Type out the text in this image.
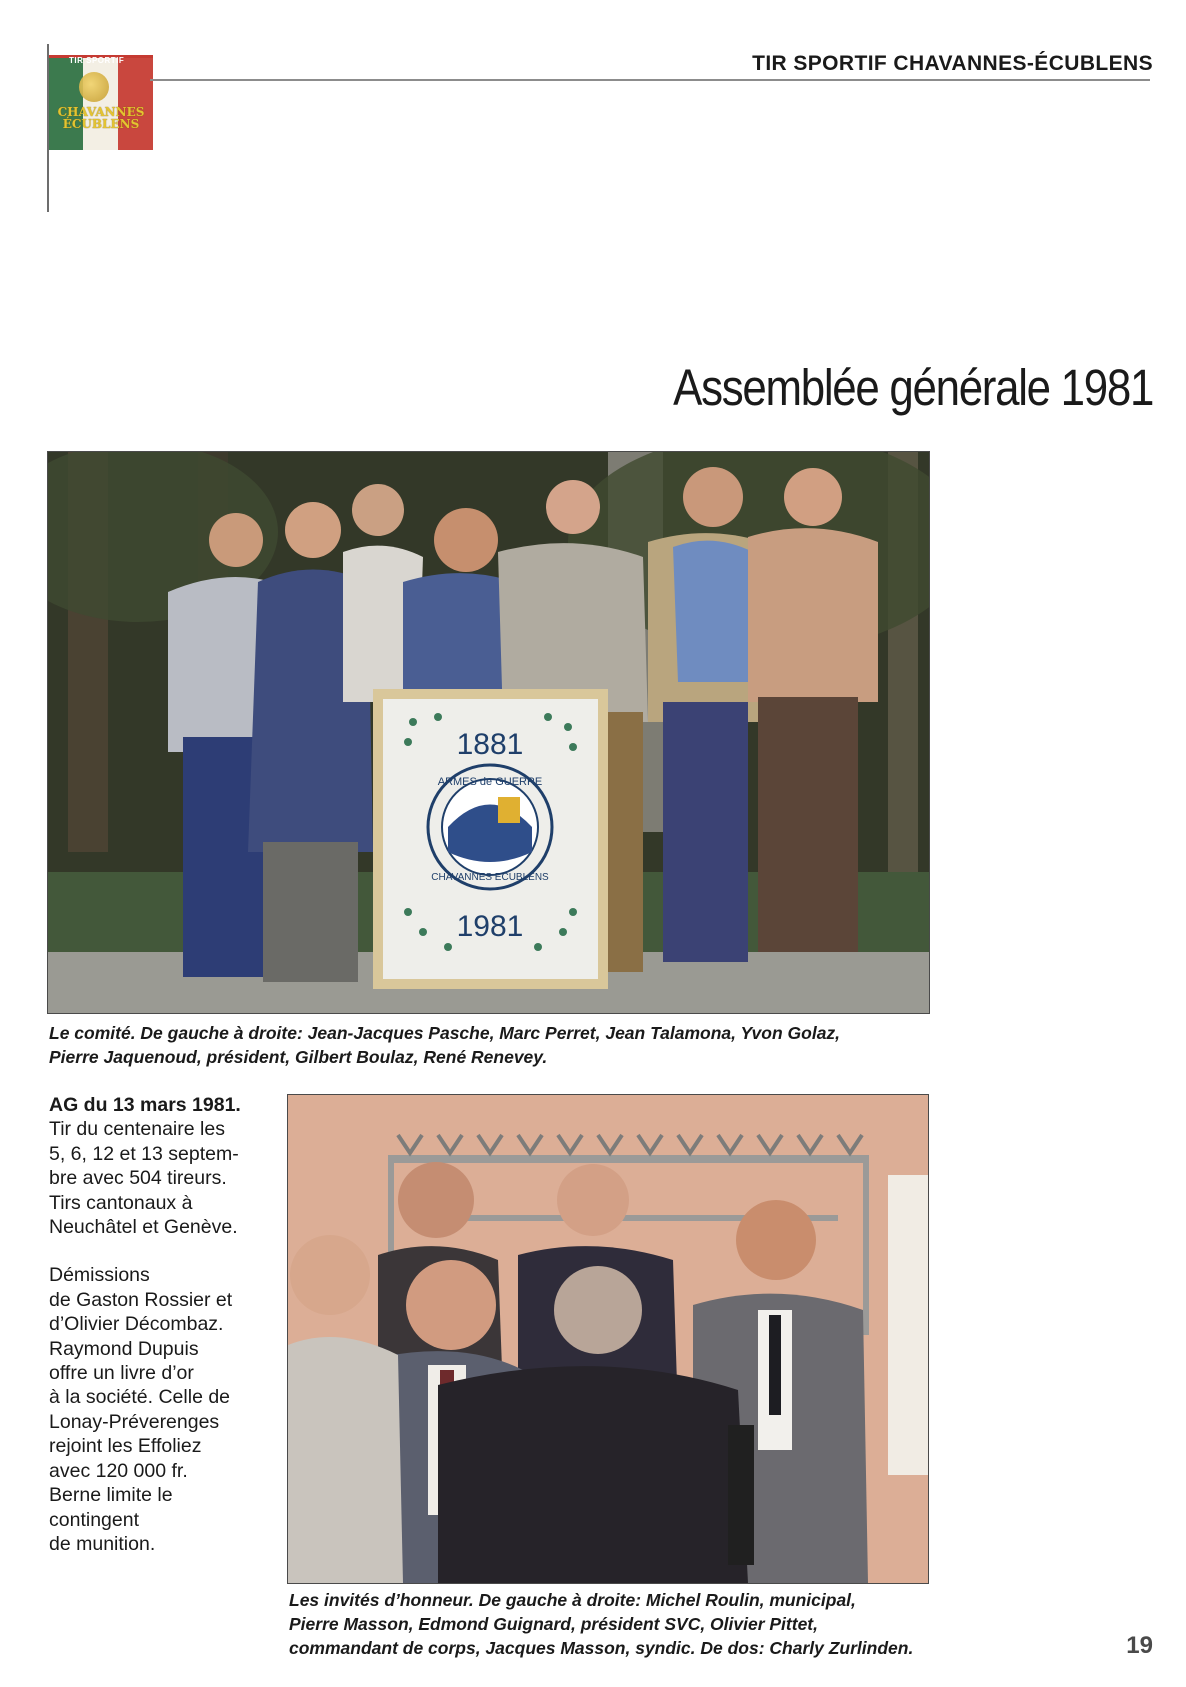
TIR SPORTIF
CHAVANNES
ÉCUBLENS
TIR SPORTIF CHAVANNES-ÉCUBLENS
Assemblée générale 1981
1881
ARMES de GUERRE
CHAVANNES ECUBLENS
1981
Le comité. De gauche à droite: Jean-Jacques Pasche, Marc Perret, Jean Talamona, Yvon Golaz,
Pierre Jaquenoud, président, Gilbert Boulaz, René Renevey.
AG du 13 mars 1981.
Tir du centenaire les
5, 6, 12 et 13 septem-
bre avec 504 tireurs.
Tirs cantonaux à
Neuchâtel et Genève.
Démissions
de Gaston Rossier et
d’Olivier Décombaz.
Raymond Dupuis
offre un livre d’or
à la société. Celle de
Lonay-Préverenges
rejoint les Effoliez
avec 120 000 fr.
Berne limite le
contingent
de munition.
Les invités d’honneur. De gauche à droite: Michel Roulin, municipal,
Pierre Masson, Edmond Guignard, président SVC, Olivier Pittet,
commandant de corps, Jacques Masson, syndic. De dos: Charly Zurlinden.	19
